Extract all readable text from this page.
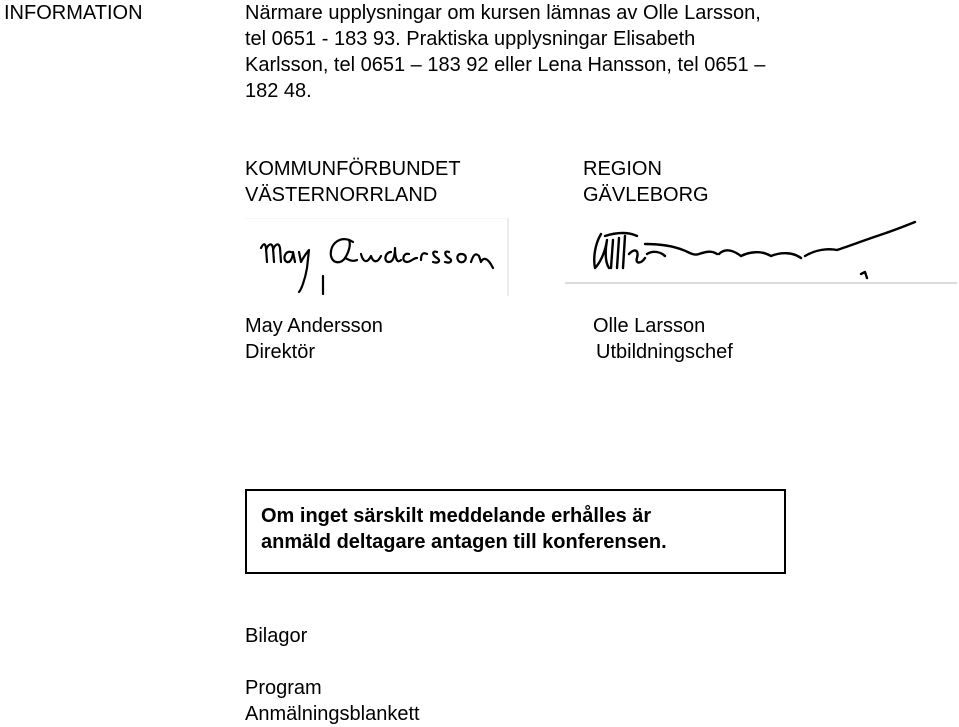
INFORMATION	Närmare upplysningar om kursen lämnas av Olle Larsson,
tel 0651 - 183 93. Praktiska upplysningar Elisabeth
Karlsson, tel 0651 – 183 92 eller Lena Hansson, tel 0651 –
182 48.
KOMMUNFÖRBUNDET
VÄSTERNORRLAND
REGION
GÄVLEBORG
May Andersson
Direktör
Olle Larsson
Utbildningschef
Om inget särskilt meddelande erhålles är
anmäld deltagare antagen till konferensen.
Bilagor
Program
Anmälningsblankett
